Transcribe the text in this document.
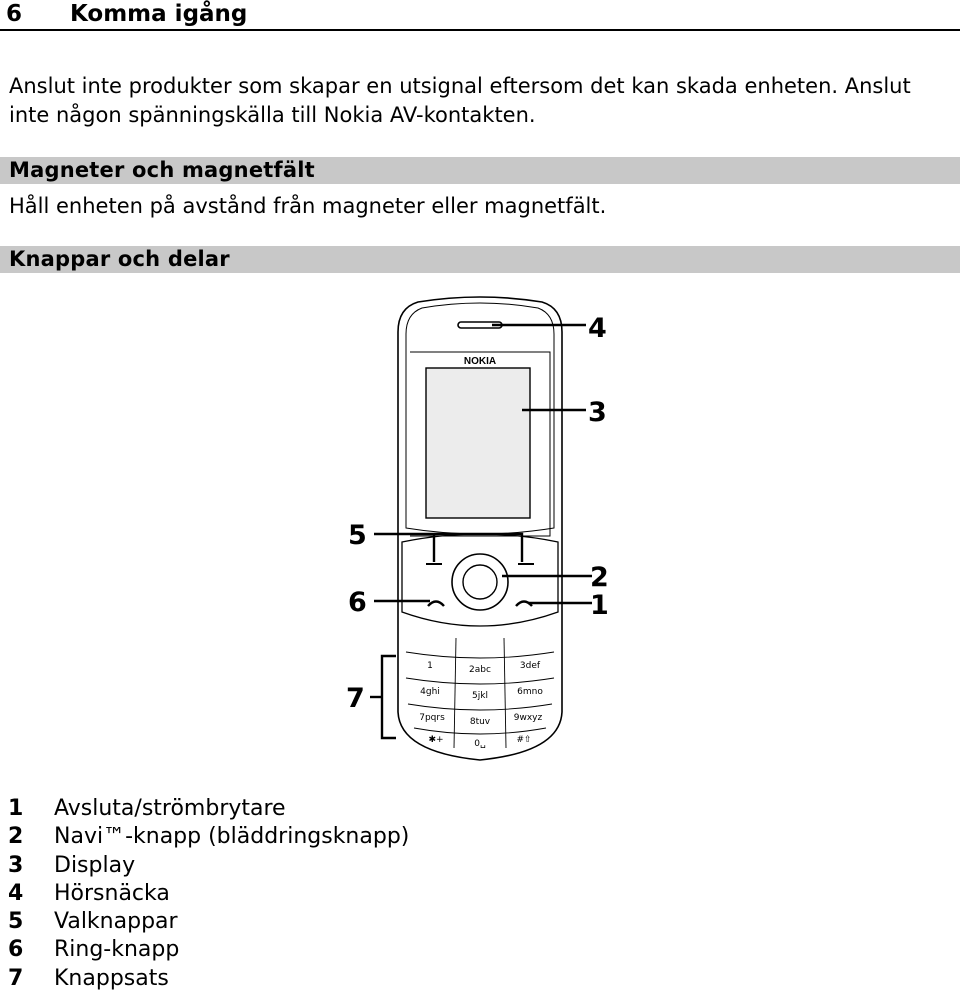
6 Komma igång

Anslut inte produkter som skapar en utsignal eftersom det kan skada enheten. Anslut inte någon spänningskälla till Nokia AV-kontakten.

Magneter och magnetfält

Håll enheten på avstånd från magneter eller magnetfält.

Knappar och delar
NOKIA
1	2abc	3def
4ghi	5jkl	6mno
7pqrs	8tuv	9wxyz
✱+	0␣	#⇧
4
3
5
2
6	1
7
1 Avsluta/strömbrytare
2 Navi™-knapp (bläddringsknapp)
3 Display
4 Hörsnäcka
5 Valknappar
6 Ring-knapp
7 Knappsats
